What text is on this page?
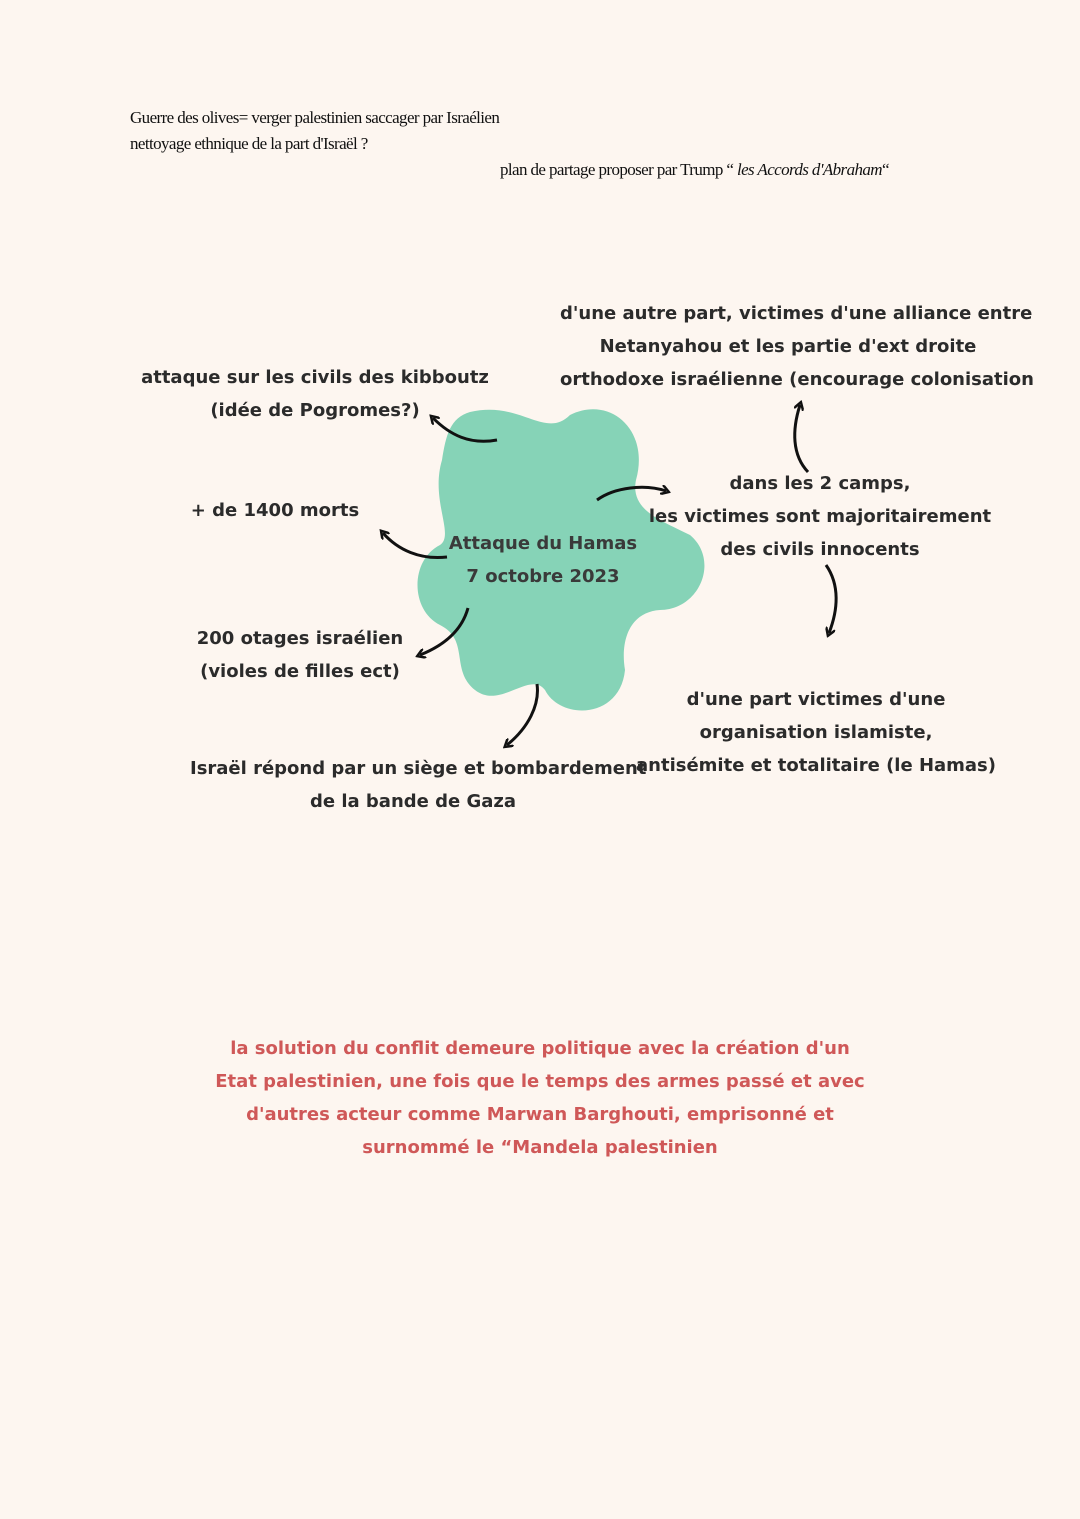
Guerre des olives= verger palestinien saccager par Israélien
nettoyage ethnique de la part d'Israël ?
plan de partage proposer par Trump “ les Accords d'Abraham“
Attaque du Hamas
7 octobre 2023
attaque sur les civils des kibboutz
(idée de Pogromes?)
+ de 1400 morts
200 otages israélien
(violes de filles ect)
Israël répond par un siège et bombardement
de la bande de Gaza
dans les 2 camps,
les victimes sont majoritairement
des civils innocents
d'une autre part, victimes d'une alliance entre
Netanyahou et les partie d'ext droite
orthodoxe israélienne (encourage colonisation
d'une part victimes d'une
organisation islamiste,
antisémite et totalitaire (le Hamas)
la solution du conflit demeure politique avec la création d'un
Etat palestinien, une fois que le temps des armes passé et avec
d'autres acteur comme Marwan Barghouti, emprisonné et
surnommé le “Mandela palestinien
